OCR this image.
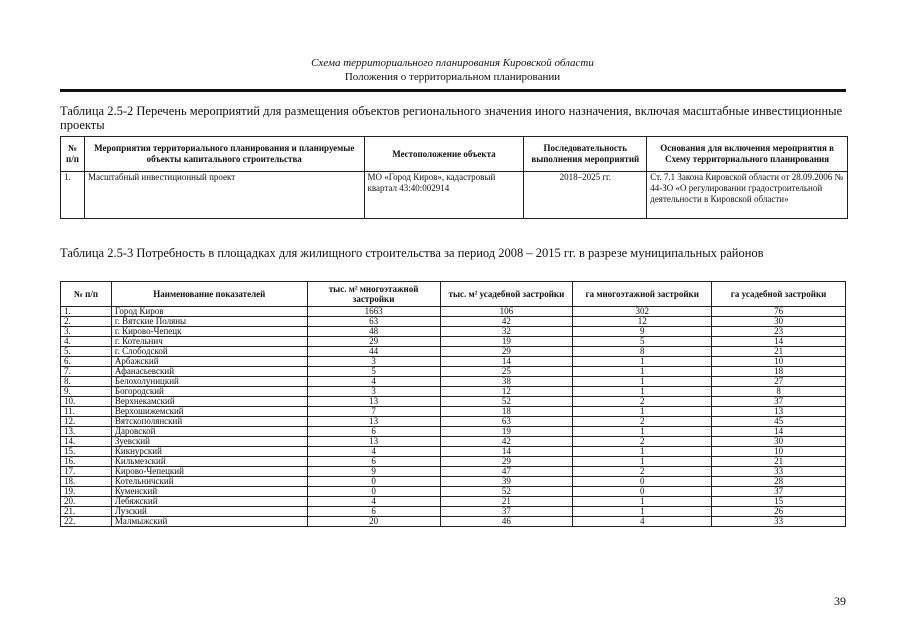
Схема территориального планирования Кировской области
Положения о территориальном планировании
Таблица 2.5-2 Перечень мероприятий для размещения объектов регионального значения иного назначения, включая масштабные инвестиционные проекты
№ п/п	Мероприятия территориального планирования и планируемые объекты капитального строительства	Местоположение объекта	Последовательность выполнения мероприятий	Основания для включения мероприятия в Схему территориального планирования
1.	Масштабный инвестиционный проект	МО «Город Киров», кадастровый квартал 43:40:002914	2018–2025 гг.	Ст. 7.1 Закона Кировской области от 28.09.2006 № 44-ЗО «О регулировании градостроительной деятельности в Кировской области»
Таблица 2.5-3 Потребность в площадках для жилищного строительства за период 2008 – 2015 гг. в разрезе муниципальных районов
№ п/п	Наименование показателей	тыс. м² многоэтажной застройки	тыс. м² усадебной застройки	га многоэтажной застройки	га усадебной застройки
1.	Город Киров	1663	106	302	76
2.	г. Вятские Поляны	63	42	12	30
3.	г. Кирово-Чепецк	48	32	9	23
4.	г. Котельнич	29	19	5	14
5.	г. Слободской	44	29	8	21
6.	Арбажский	3	14	1	10
7.	Афанасьевский	5	25	1	18
8.	Белохолуницкий	4	38	1	27
9.	Богородский	3	12	1	8
10.	Верхнекамский	13	52	2	37
11.	Верхошижемский	7	18	1	13
12.	Вятскополянский	13	63	2	45
13.	Даровской	6	19	1	14
14.	Зуевский	13	42	2	30
15.	Кикнурский	4	14	1	10
16.	Кильмезский	6	29	1	21
17.	Кирово-Чепецкий	9	47	2	33
18.	Котельничский	0	39	0	28
19.	Куменский	0	52	0	37
20.	Лебяжский	4	21	1	15
21.	Лузский	6	37	1	26
22.	Малмыжский	20	46	4	33
39
